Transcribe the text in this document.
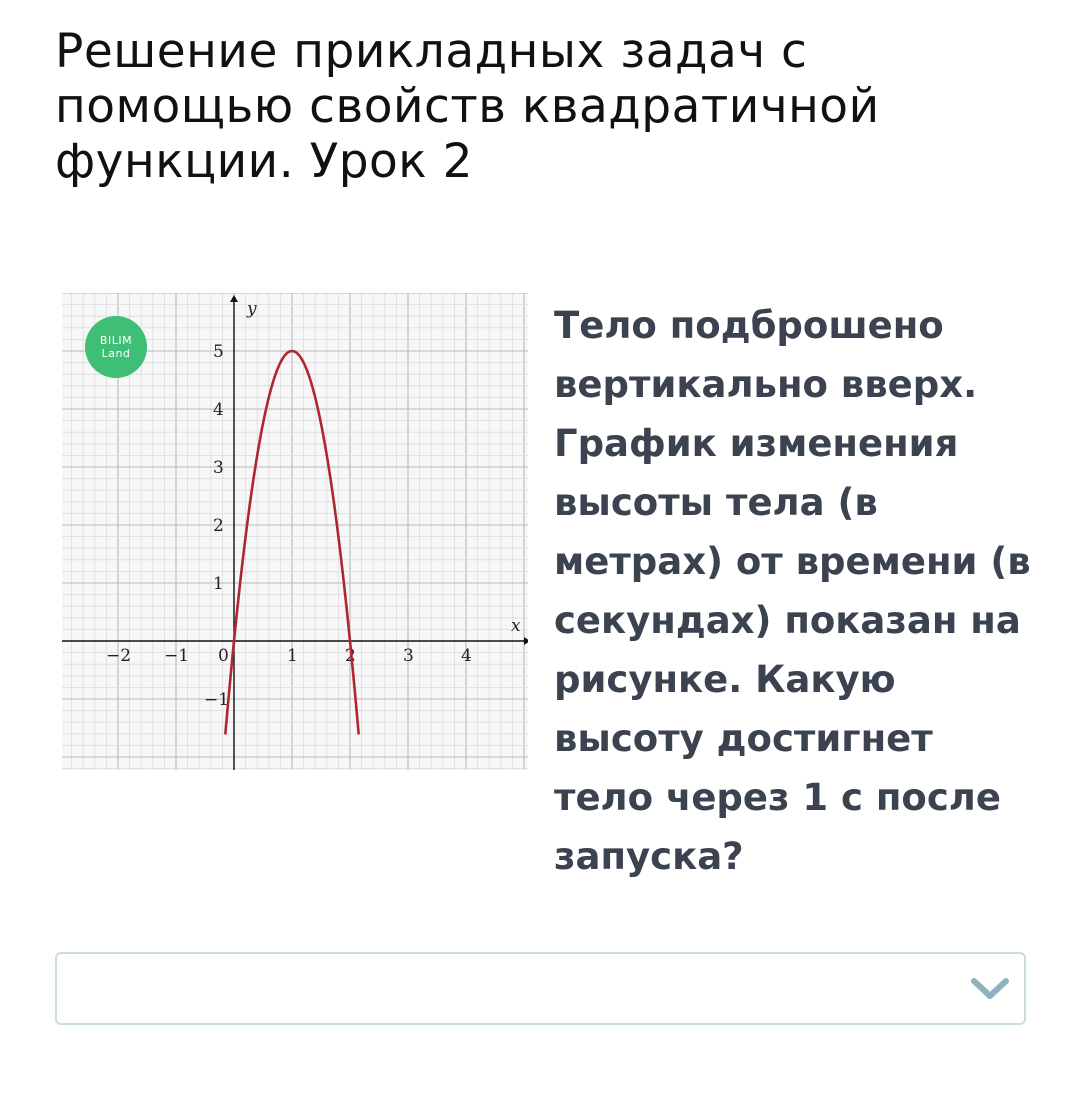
Решение прикладных задач с помощью свойств квадратичной функции. Урок 2
x
y
−2 −1 0	1	2	3	4
5
4
3
2
1
−1
BILIM
Land

Тело подброшено вертикально вверх. График изменения высоты тела (в метрах) от времени (в секундах) показан на рисунке. Какую высоту достигнет тело через 1 с после запуска?
